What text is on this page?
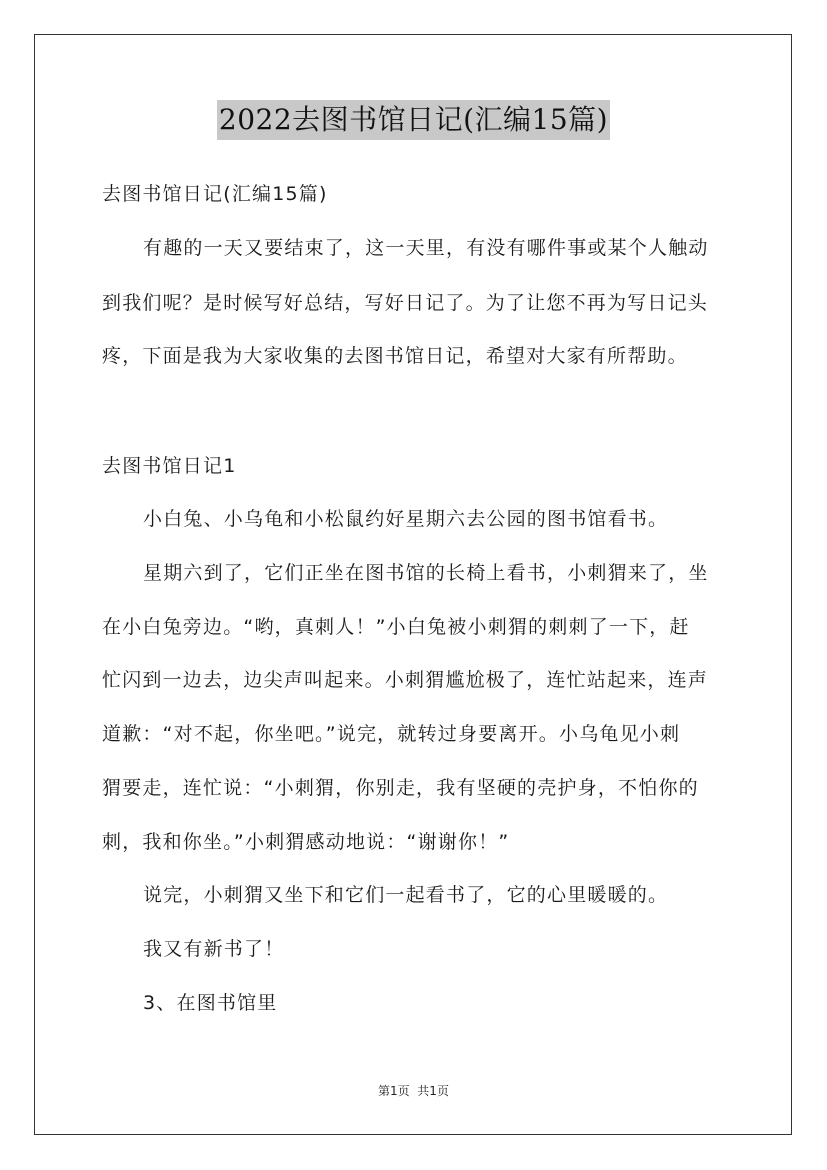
2022去图书馆日记(汇编15篇)
去图书馆日记(汇编15篇)
有趣的一天又要结束了，这一天里，有没有哪件事或某个人触动
到我们呢？是时候写好总结，写好日记了。为了让您不再为写日记头
疼，下面是我为大家收集的去图书馆日记，希望对大家有所帮助。
去图书馆日记1
小白兔、小乌龟和小松鼠约好星期六去公园的图书馆看书。
星期六到了，它们正坐在图书馆的长椅上看书，小刺猬来了，坐
在小白兔旁边。“哟，真刺人！”小白兔被小刺猬的刺刺了一下，赶
忙闪到一边去，边尖声叫起来。小刺猬尴尬极了，连忙站起来，连声
道歉：“对不起，你坐吧。”说完，就转过身要离开。小乌龟见小刺
猬要走，连忙说：“小刺猬，你别走，我有坚硬的壳护身，不怕你的
刺，我和你坐。”小刺猬感动地说：“谢谢你！”
说完，小刺猬又坐下和它们一起看书了，它的心里暖暖的。
我又有新书了！
3、在图书馆里
第1页  共1页
